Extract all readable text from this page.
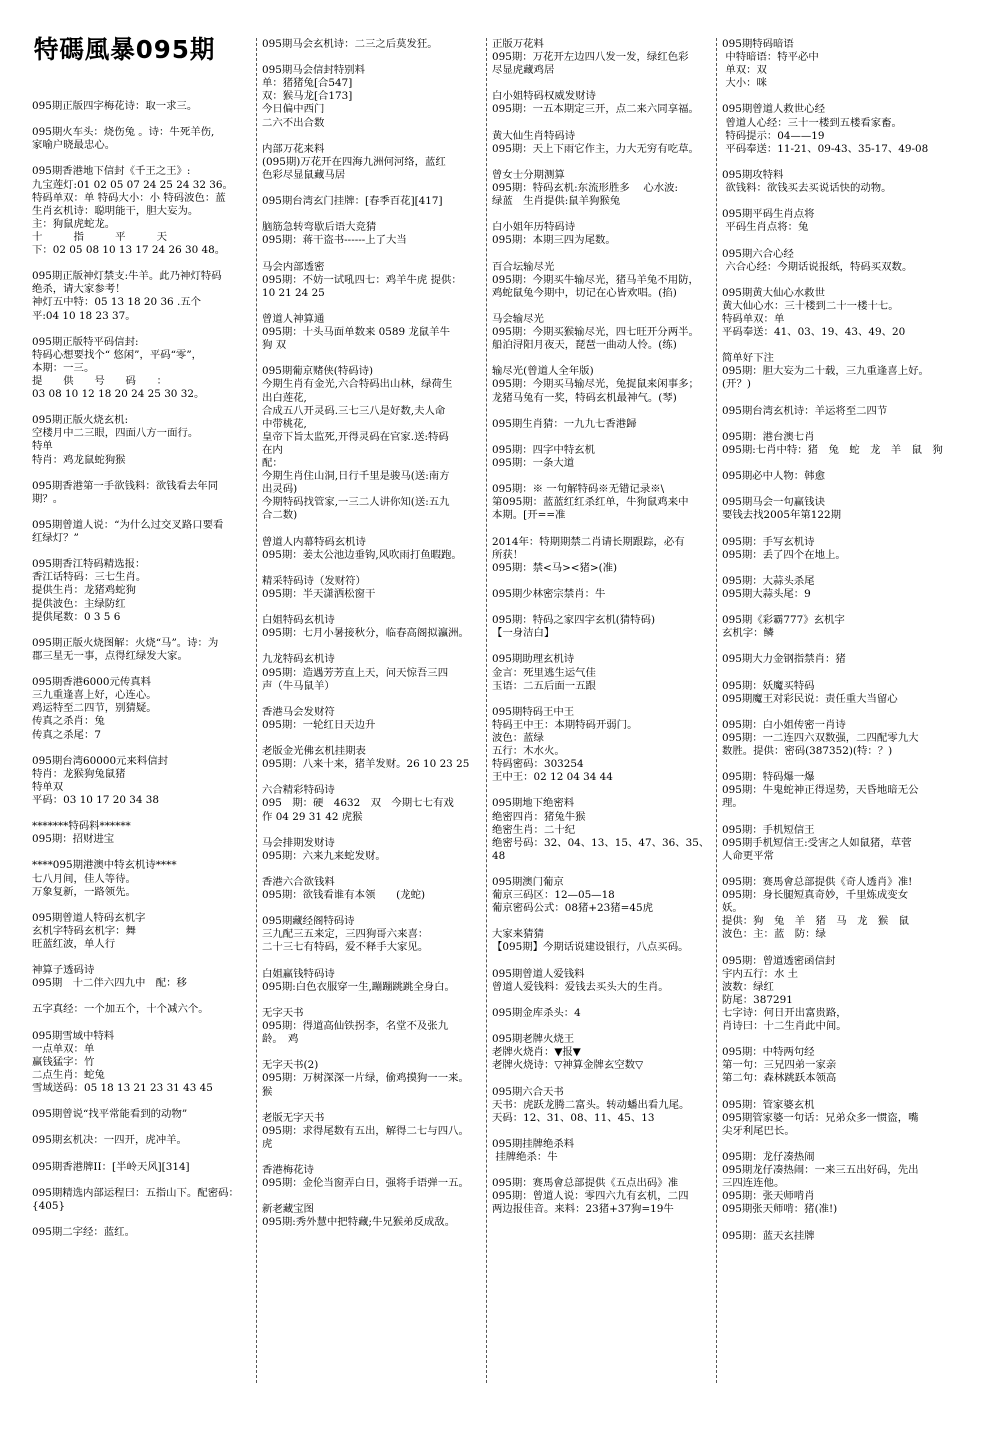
特碼風暴095期
095期正版四字梅花诗：取一求三。
095期火车头：烧伤兔 。诗：牛死羊伤,
家喻户晓最忠心。
095期香港地下信封《千王之王》:
九宝莲灯:01 02 05 07 24 25 24 32 36。
特码单双：单 特码大小：小 特码波色：蓝
生肖玄机诗：聪明能干，胆大妄为。
主：狗鼠虎蛇龙。
十　　　指　　　平　　　天
下：02 05 08 10 13 17 24 26 30 48。
095期正版神灯禁支:牛羊。此乃神灯特码
绝杀，请大家参考！
神灯五中特：05 13 18 20 36 .五个
平:04 10 18 23 37。
095期正版特平码信封:
特码心想要找个“ 悠闲”，平码“零”，
本期：一三。
提　　供　　号　　码　　：
03 08 10 12 18 20 24 25 30 32。
095期正版火烧玄机:
空楼月中二三眼，四面八方一面行。
特单
特肖：鸡龙鼠蛇狗猴
095期香港第一手欲钱料：欲钱看去年同
期？。
095期曾道人说：“为什么过交叉路口要看
红绿灯？”
095期香江特码精选报：
香江话特码：三七生肖。
提供生肖：龙猪鸡蛇狗
提供波色：主绿防红
提供尾数：0 3 5 6
095期正版火烧图解：火烧“马”。诗：为
郡三星无一事，点得红绿发大家。
095期香港6000元传真料
三九重逢喜上好，心连心。
鸡运特至二四节，别猜疑。
传真之杀肖：兔
传真之杀尾：7
095期台湾60000元来料信封
特肖：龙猴狗兔鼠猪
特单双
平码：03 10 17 20 34 38
*******特码料******
095期：招财进宝
****095期港澳中特玄机诗****
七八月间，佳人等待。
万象复新，一路领先。
095期曾道人特码玄机字
玄机字特码玄机字：舞
旺蓝红波，单人行
神算子透码诗
095期　十二伴六四九中　配：移
五字真经：一个加五个，十个减六个。
095期雪域中特料
一点单双：单
赢钱猛字：竹
二点生肖：蛇兔
雪域送码：05 18 13 21 23 31 43 45
095期曾说“找平常能看到的动物”
095期玄机决：一四开，虎冲羊。
095期香港牌II：[半岭天风][314]
095期精选内部运程曰：五指山下。配密码：
{405}
095期二字经：蓝红。
095期马会玄机诗：二三之后莫发狂。
095期马会信封特别料
单：猪猪兔[合547]
双：猴马龙[合173]
今日偏中西门
二六不出合数
内部万花来料
(095期)万花开在四海九洲何河络，蓝红
色彩尽显鼠藏马居
095期台湾玄门挂牌：[春季百花][417]
脑筋急转弯歇后语大竞猜
095期：蒋干盗书------上了大当
马会内部透密
095期：不妨一试吼四七：鸡羊牛虎 提供：
10 21 24 25
曾道人神算通
095期：十头马面单数来 0589 龙鼠羊牛
狗 双
095期葡京赌侠(特码诗)
今期生肖有金光,六合特码出山林，绿荷生
出白莲花,
合成五八开灵码.三七三八是好数,夫人命
中带桃花,
皇帝下旨太监死,开得灵码在官家.送:特码
在内
配：
今期生肖住山洞,日行千里是骏马(送:南方
出灵码)
今期特码找管家,一三二人讲你知(送:五九
合二数)
曾道人内幕特码玄机诗
095期：姜太公池边垂钩,风吹雨打鱼暇跑。
精采特码诗（发财符）
095期：半天潇洒松窗干
白姐特码玄机诗
095期：七月小暑接秋分，临春高阁拟瀛洲。
九龙特码玄机诗
095期：造遇芳芳直上天，问天惊吾三四
声（牛马鼠羊）
香港马会发财符
095期：一轮红日天边升
老版金光佛玄机挂期表
095期：八来十来，猪羊发财。26 10 23 25
六合精彩特码诗
095　期：硬　4632　双　今期七七有戏
作 04 29 31 42 虎猴
马会排期发财诗
095期：六来九来蛇发财。
香港六合欲钱料
095期：欲钱看谁有本领　　(龙蛇)
095期藏经阁特码诗
三九配三五来定，三四狗哥六来喜：
二十三七有特码，爱不释手大家见。
白姐赢钱特码诗
095期:白色衣服穿一生,蹦蹦跳跳全身白。
无字天书
095期：得道高仙铁拐李，名堂不及张九
龄。　鸡
无字天书(2)
095期：万树深深一片绿，偷鸡摸狗一一来。
猴
老版无字天书
095期：求得尾数有五出，解得二七与四八。
虎
香港梅花诗
095期：金伦当窗弄白日，强将手语弹一五。
新老藏宝图
095期:秀外慧中把特藏;牛兄猴弟反成敌。
正版万花料
095期：万花开左边四八发一发，绿红色彩
尽显虎藏鸡居
白小姐特码权威发财诗
095期：一五本期定三开，点二来六同享福。
黄大仙生肖特码诗
095期：天上下雨它作主，力大无穷有吃草。
曾女士分期测算
095期：特码玄机:东流形胜多　 心水波:
绿蓝　生肖提供:鼠羊狗猴兔
白小姐年历特码诗
095期：本期三四为尾数。
百合坛输尽光
095期：今期买牛输尽光，猪马羊兔不用防，
鸡蛇鼠兔今期中，切记在心皆欢唱。(掐)
马会输尽光
095期：今期买猴输尽光，四七旺开分两半。
船泊浔阳月夜天，琵琶一曲动人怜。(练)
输尽光(曾道人全年版)
095期：今期买马输尽光，兔捉鼠来闲事多；
龙猪马兔有一奖，特码玄机最神气。(琴)
095期生肖猜：一九九七香港歸
095期：四字中特玄机
095期：一条大道
095期：※ 一句解特码※无错记录※\
第095期：蓝蓝红红杀红单，牛狗鼠鸡来中
本期。[开==准
2014年：特期期禁二肖请长期跟踪，必有
所获！
095期：禁<马><猪>(准)
095期少林密宗禁肖：牛
095期：特码之家四字玄机(猜特码)
【一身洁白】
095期助理玄机诗
金言：死里逃生运气佳
玉语：二五后面一五跟
095期特码王中王
特码王中王：本期特码开弱门。
波色：蓝绿
五行：木水火。
特码密码：303254
王中王：02 12 04 34 44
095期地下绝密料
绝密四肖：猪兔牛猴
绝密生肖：二十纪
绝密号码：32、04、13、15、47、36、35、
48
095期澳门葡京
葡京三码区：12—05—18
葡京密码公式：08猪+23猪=45虎
大家来猜猜
【095期】今期话说建设银行，八点买码。
095期曾道人爱钱料
曾道人爱钱料：爱钱去买头大的生肖。
095期金库杀头：4
095期老牌火烧王
老牌火烧肖：▼报▼
老牌火烧诗：▽神算金牌玄空数▽
095期六合天书
天书：虎跃龙腾二富头。转动蟠出看九尾。
天码：12、31、08、11、45、13
095期挂牌绝杀料
挂牌绝杀：牛
095期：赛馬會总部提供《五点出码》准
095期：曾道人说：零四六九有玄机，二四
两边报佳音。来料：23猪+37狗=19牛
095期特码暗语
中特暗语：特平必中
单双：双
大小：咪
095期曾道人救世心经
曾道人心经：三十一楼到五楼看家畜。
特码提示：04——19
平码奉送：11-21、09-43、35-17、49-08
095期攻特料
欲钱料：欲钱买去买说话快的动物。
095期平码生肖点将
平码生肖点将：兔
095期六合心经
六合心经：今期话说报纸，特码买双数。
095期黄大仙心水救世
黄大仙心水：三十楼到二十一楼十七。
特码单双：单
平码奉送：41、03、19、43、49、20
简单好下注
095期：胆大妄为二十载，三九重逢喜上好。
(开？)
095期台湾玄机诗：羊运将至二四节
095期：港台澳七肖
095期:七肖中特：猪　兔　蛇　龙　羊　鼠　狗
095期必中人物：韩愈
095期马会一句赢钱诀
要钱去找2005年第122期
095期：手写玄机诗
095期：丢了四个在地上。
095期：大蒜头杀尾
095期大蒜头尾：9
095期《彩霸777》玄机字
玄机字：鳞
095期大力金钢指禁肖：猪
095期：妖魔买特码
095期魔王对彩民说：责任重大当留心
095期：白小姐传密一肖诗
095期：一二连四六双数强，二四配零九大
数胜。提供：密码(387352)(特：？)
095期：特码爆一爆
095期：牛鬼蛇神正得逞势，天昏地暗无公
理。
095期：手机短信王
095期手机短信王:受害之人如鼠猪，草菅
人命更平常
095期：赛馬會总部提供《奇人透肖》准!
095期：身长腿短真奇妙，千里炼成变女
妖。
提供：狗　兔　羊　猪　马　龙　猴　鼠
波色：主：蓝　防：绿
095期：曾道透密函信封
宇内五行：水 土
波数：绿红
防尾：387291
七字诗：何日开出富贵路，
肖诗曰：十二生肖此中间。
095期：中特两句经
第一句：三兄四弟一家亲
第二句：森林跳跃本领高
095期：管家婆玄机
095期管家婆一句话：兄弟众多一惯盗，嘴
尖牙利尾巴长。
095期：龙仔凑热闹
095期龙仔凑热闹：一来三五出好码，先出
三四连连他。
095期：张天师啃肖
095期张天师啃：猪(准!)
095期：蓝天玄挂牌
